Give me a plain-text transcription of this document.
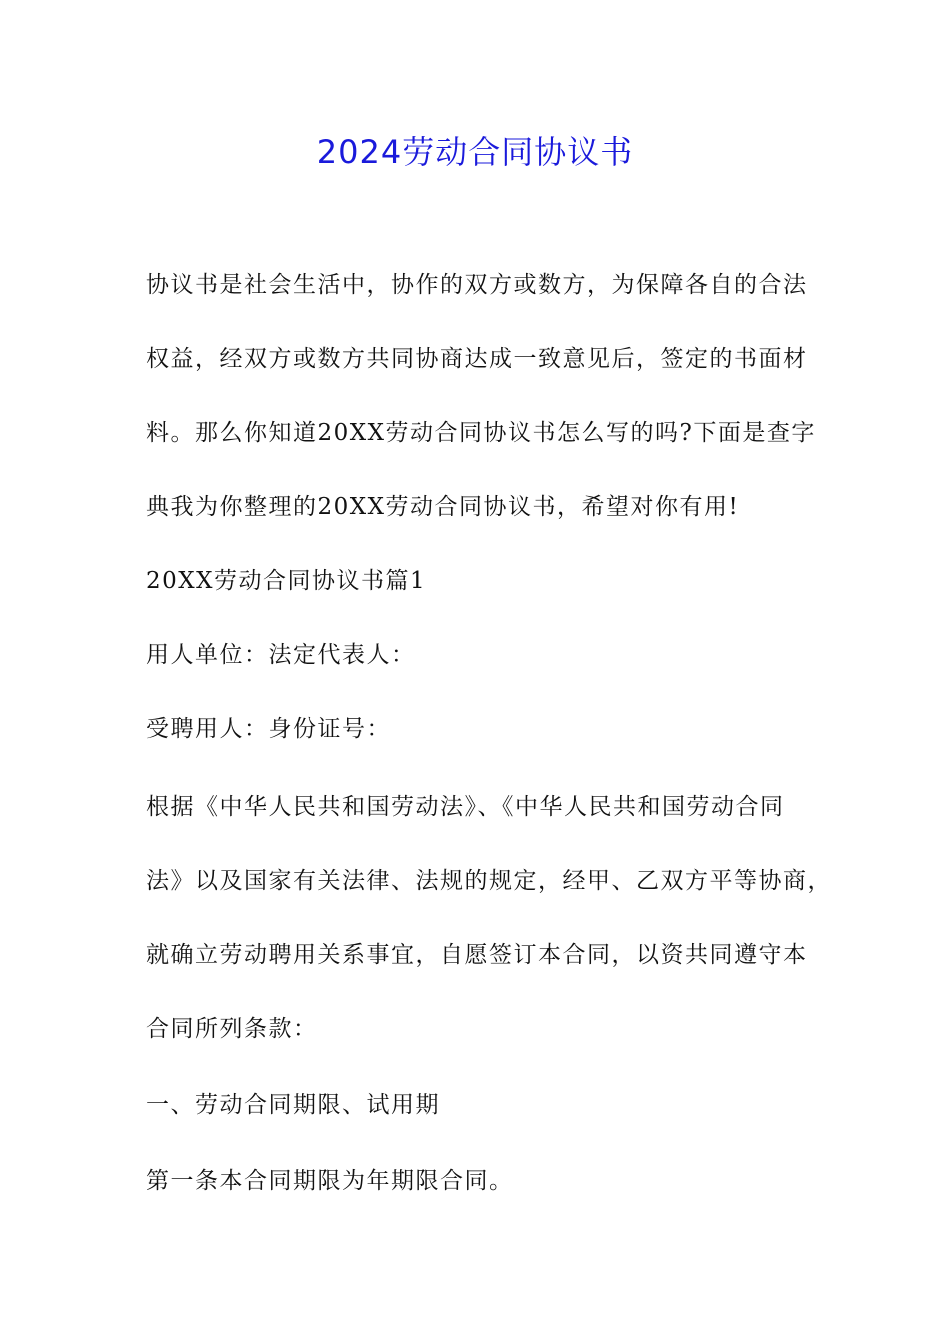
2024劳动合同协议书
协议书是社会生活中，协作的双方或数方，为保障各自的合法
权益，经双方或数方共同协商达成一致意见后，签定的书面材
料。那么你知道20XX劳动合同协议书怎么写的吗?下面是查字
典我为你整理的20XX劳动合同协议书，希望对你有用!
20XX劳动合同协议书篇1
用人单位：法定代表人：
受聘用人：身份证号：
根据《中华人民共和国劳动法》、《中华人民共和国劳动合同
法》以及国家有关法律、法规的规定，经甲、乙双方平等协商，
就确立劳动聘用关系事宜，自愿签订本合同，以资共同遵守本
合同所列条款：
一、劳动合同期限、试用期
第一条本合同期限为年期限合同。
